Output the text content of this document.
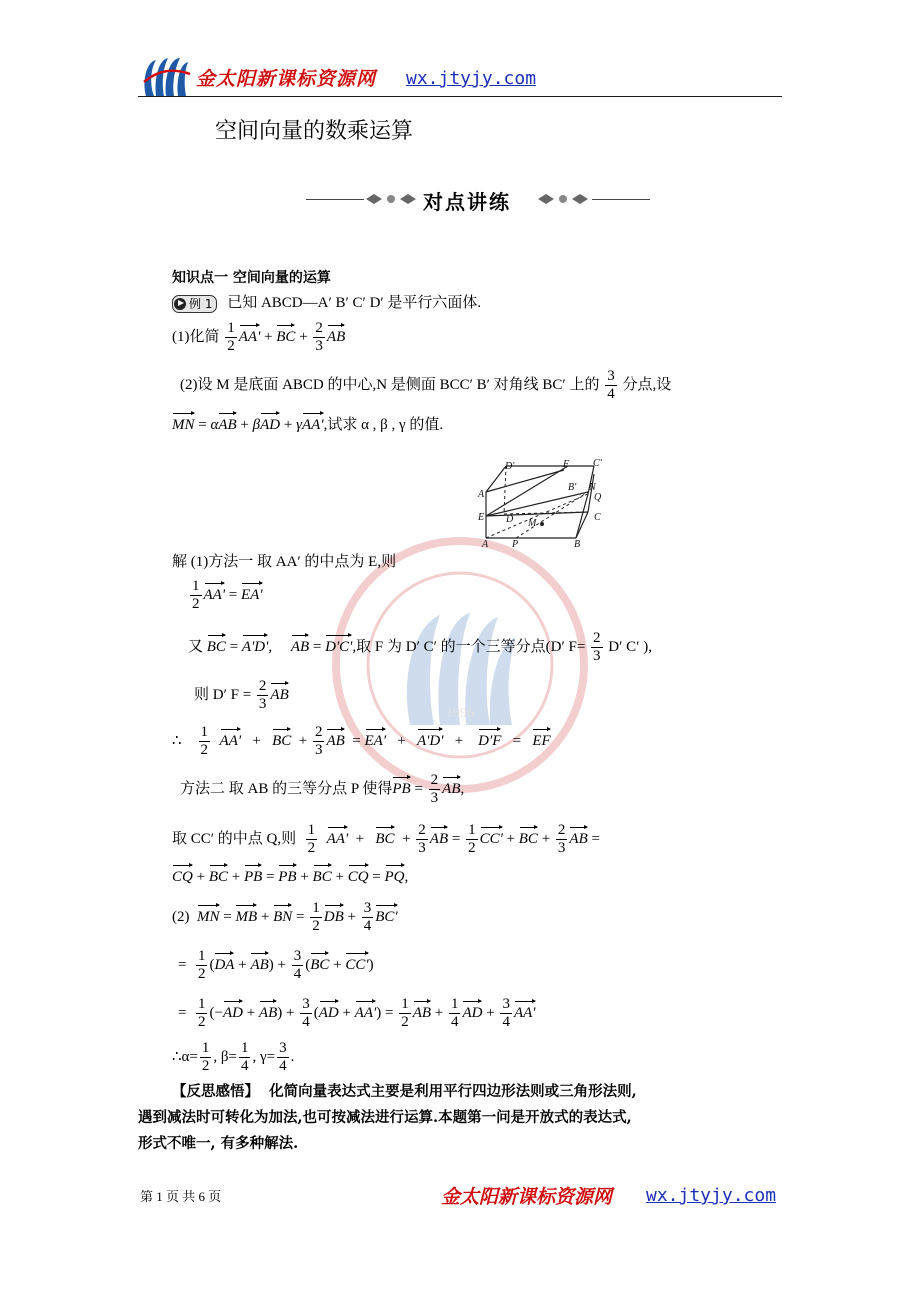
金太阳新课标资源网 wx.jtyjy.com
1996
空间向量的数乘运算
对点讲练
知识点一 空间向量的运算
例 1 已知 ABCD—A′ B′ C′ D′ 是平行六面体.
(1)化简 $\frac{1}{2} AA'$ + BC + $\frac{2}{3}$ AB
(2)设 M 是底面 ABCD 的中心,N 是侧面 BCC′ B′ 对角线 BC′ 上的 $\frac{3}{4}$ 分点,设
MN = αAB + βAD + γAA',试求 α , β , γ 的值.
D'	F C'
B' N
Q
A
E D M
C
A P	B
解 (1)方法一 取 AA′ 的中点为 E,则
$\frac{1}{2} AA' = EA'$
又 BC = A'D',     AB = D'C',取 F 为 D′ C′ 的一个三等分点(D′ $F= \frac{2}{3} D'$ C′ ),
则 D′ $F = \frac{2}{3}$ AB
∴ $\frac{1}{2} AA'$   +   BC  + $\frac{2}{3}$ AB  = EA'   +   A'D'   +    D'F   =   EF
方法二 取 AB 的三等分点 P 使得PB = $\frac{2}{3}$ AB,
取 CC′ 的中点 Q,则 $\frac{1}{2} AA'$  +   BC  + $\frac{2}{3}$ AB = $\frac{1}{2} CC'$ + BC + $\frac{2}{3}$ AB =
CQ + BC + PB = PB + BC + CQ = PQ,
(2) MN = MB + BN = $\frac{1}{2}$ DB + $\frac{3}{4} BC'$
= $\frac{1}{2} (DA + AB) + \frac{3}{4} (BC + CC')$
= $\frac{1}{2} (-AD + AB) + \frac{3}{4} (AD + AA') = \frac{1}{2}$ AB + $\frac{1}{4}$ AD + $\frac{3}{4} AA'$
∴α= $\frac{1}{2}$ , $\beta= \frac{1}{4}$ , $\gamma= \frac{3}{4}$ .
【反思感悟】 化简向量表达式主要是利用平行四边形法则或三角形法则,
遇到减法时可转化为加法,也可按减法进行运算.本题第一问是开放式的表达式,
形式不唯一, 有多种解法.
第 1 页 共 6 页	金太阳新课标资源网 wx.jtyjy.com
